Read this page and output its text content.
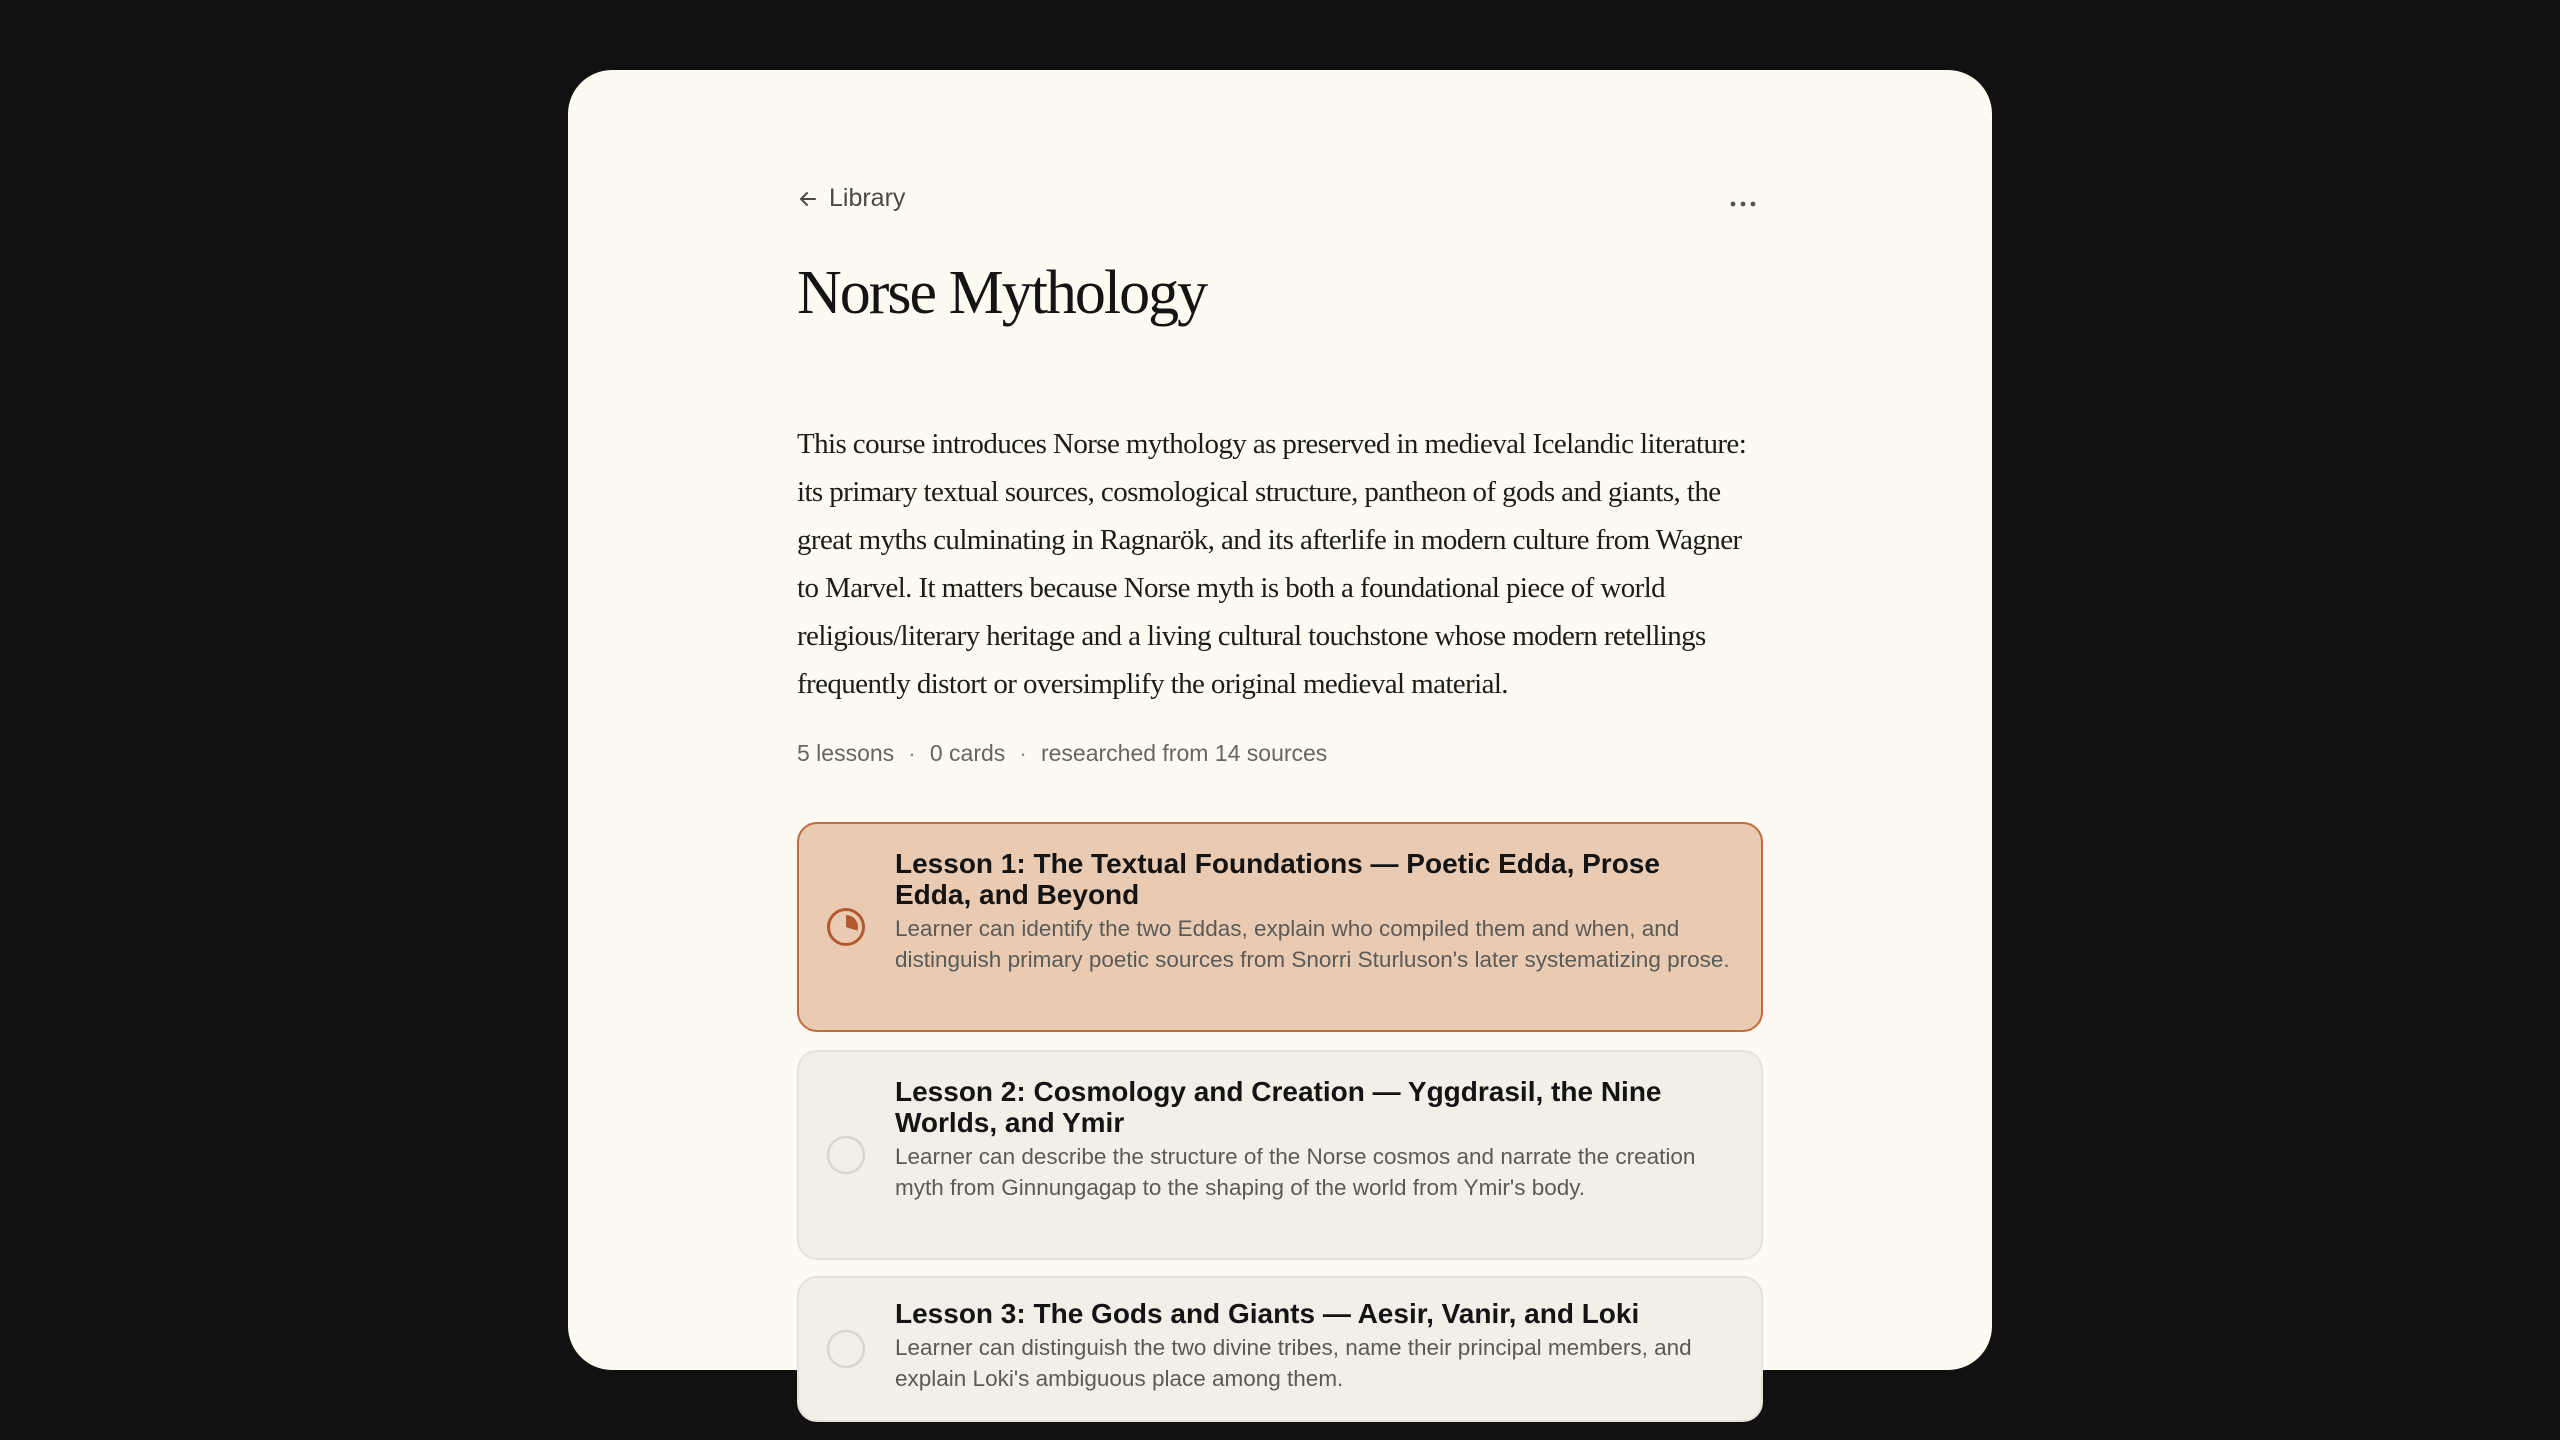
Library
Norse Mythology

This course introduces Norse mythology as preserved in medieval Icelandic literature: its primary textual sources, cosmological structure, pantheon of gods and giants, the great myths culminating in Ragnarök, and its afterlife in modern culture from Wagner to Marvel. It matters because Norse myth is both a foundational piece of world religious/literary heritage and a living cultural touchstone whose modern retellings frequently distort or oversimplify the original medieval material.

5 lessons · 0 cards · researched from 14 sources

Lesson 1: The Textual Foundations — Poetic Edda, Prose Edda, and Beyond

Learner can identify the two Eddas, explain who compiled them and when, and distinguish primary poetic sources from Snorri Sturluson's later systematizing prose.

Lesson 2: Cosmology and Creation — Yggdrasil, the Nine Worlds, and Ymir

Learner can describe the structure of the Norse cosmos and narrate the creation myth from Ginnungagap to the shaping of the world from Ymir's body.

Lesson 3: The Gods and Giants — Aesir, Vanir, and Loki

Learner can distinguish the two divine tribes, name their principal members, and explain Loki's ambiguous place among them.
